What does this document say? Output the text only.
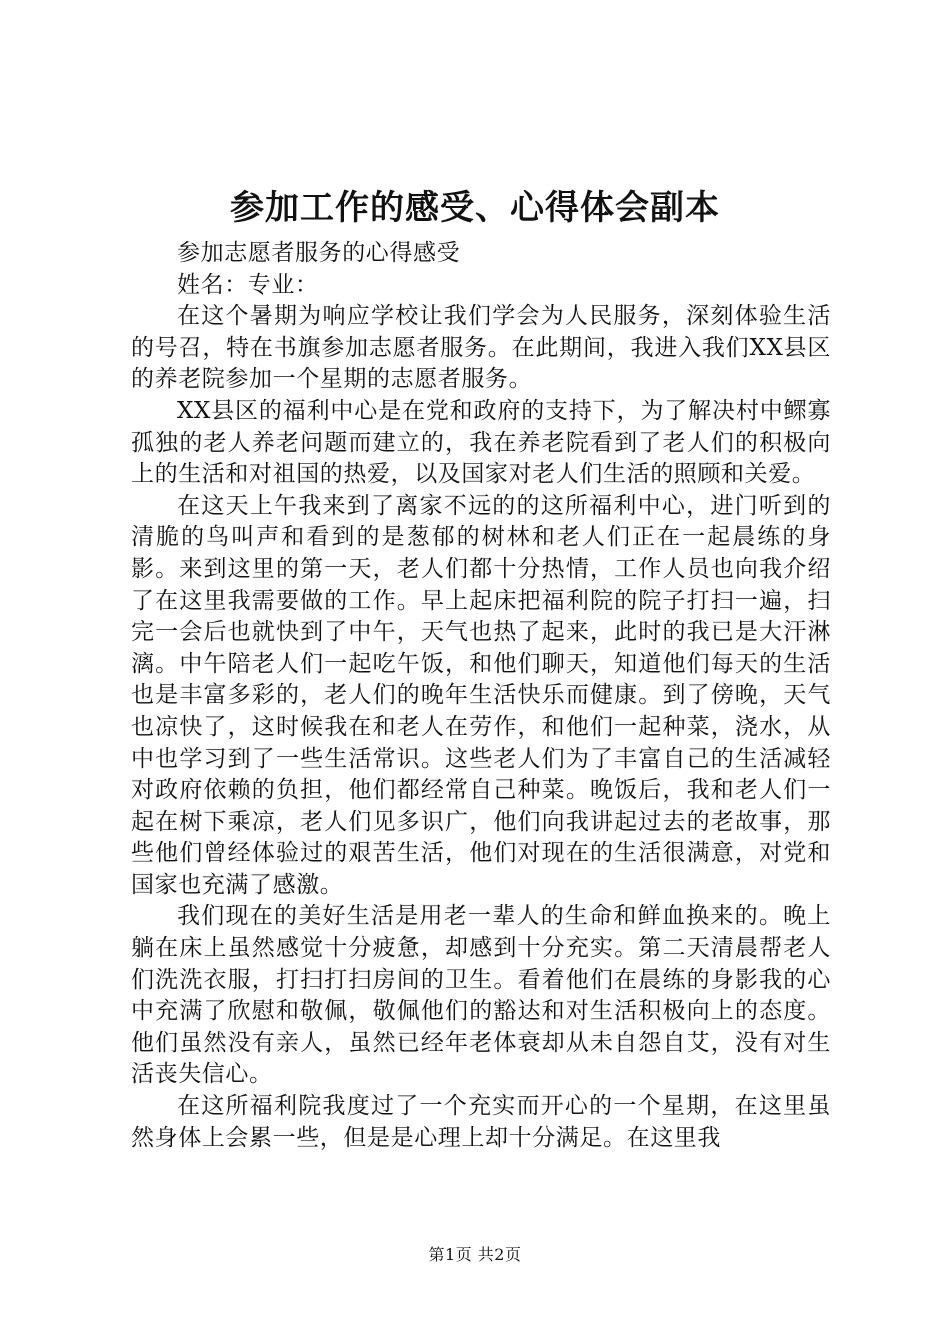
参加工作的感受、心得体会副本

参加志愿者服务的心得感受

姓名：专业：

在这个暑期为响应学校让我们学会为人民服务，深刻体验生活的号召，特在书旗参加志愿者服务。在此期间，我进入我们XX县区的养老院参加一个星期的志愿者服务。

XX县区的福利中心是在党和政府的支持下，为了解决村中鳏寡孤独的老人养老问题而建立的，我在养老院看到了老人们的积极向上的生活和对祖国的热爱，以及国家对老人们生活的照顾和关爱。

在这天上午我来到了离家不远的的这所福利中心，进门听到的清脆的鸟叫声和看到的是葱郁的树林和老人们正在一起晨练的身影。来到这里的第一天，老人们都十分热情，工作人员也向我介绍了在这里我需要做的工作。早上起床把福利院的院子打扫一遍，扫完一会后也就快到了中午，天气也热了起来，此时的我已是大汗淋漓。中午陪老人们一起吃午饭，和他们聊天，知道他们每天的生活也是丰富多彩的，老人们的晚年生活快乐而健康。到了傍晚，天气也凉快了，这时候我在和老人在劳作，和他们一起种菜，浇水，从中也学习到了一些生活常识。这些老人们为了丰富自己的生活减轻对政府依赖的负担，他们都经常自己种菜。晚饭后，我和老人们一起在树下乘凉，老人们见多识广，他们向我讲起过去的老故事，那些他们曾经体验过的艰苦生活，他们对现在的生活很满意，对党和国家也充满了感激。

我们现在的美好生活是用老一辈人的生命和鲜血换来的。晚上躺在床上虽然感觉十分疲惫，却感到十分充实。第二天清晨帮老人们洗洗衣服，打扫打扫房间的卫生。看着他们在晨练的身影我的心中充满了欣慰和敬佩，敬佩他们的豁达和对生活积极向上的态度。他们虽然没有亲人，虽然已经年老体衰却从未自怨自艾，没有对生活丧失信心。

在这所福利院我度过了一个充实而开心的一个星期，在这里虽然身体上会累一些，但是是心理上却十分满足。在这里我

第1页 共2页
